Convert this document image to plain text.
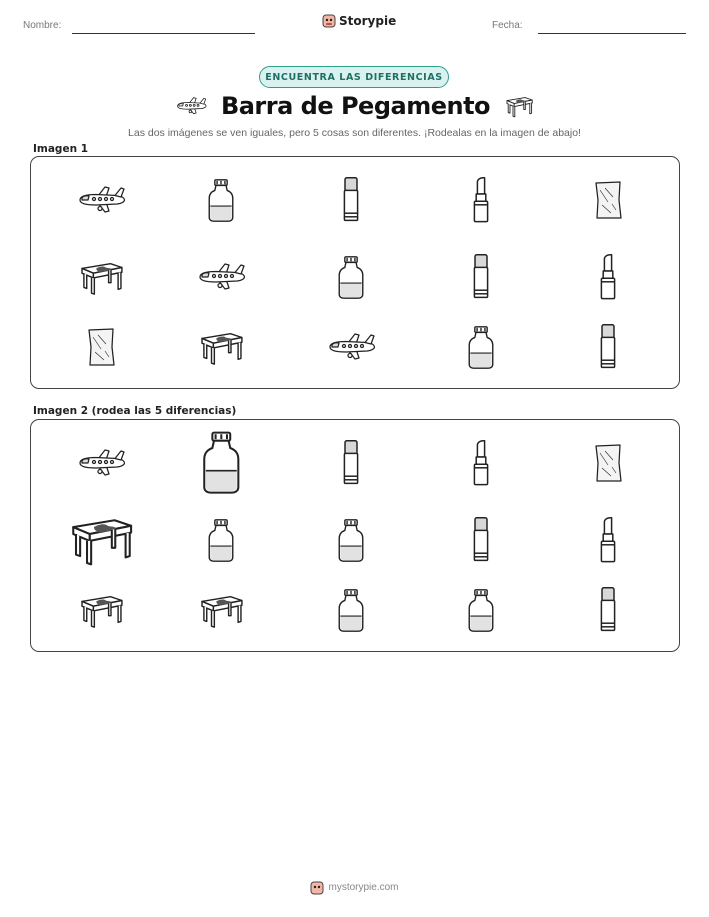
Nombre:	Storypie	Fecha:
ENCUENTRA LAS DIFERENCIAS
Barra de Pegamento
Las dos imágenes se ven iguales, pero 5 cosas son diferentes. ¡Rodealas en la imagen de abajo!
Imagen 1
Imagen 2 (rodea las 5 diferencias)
mystorypie.com
